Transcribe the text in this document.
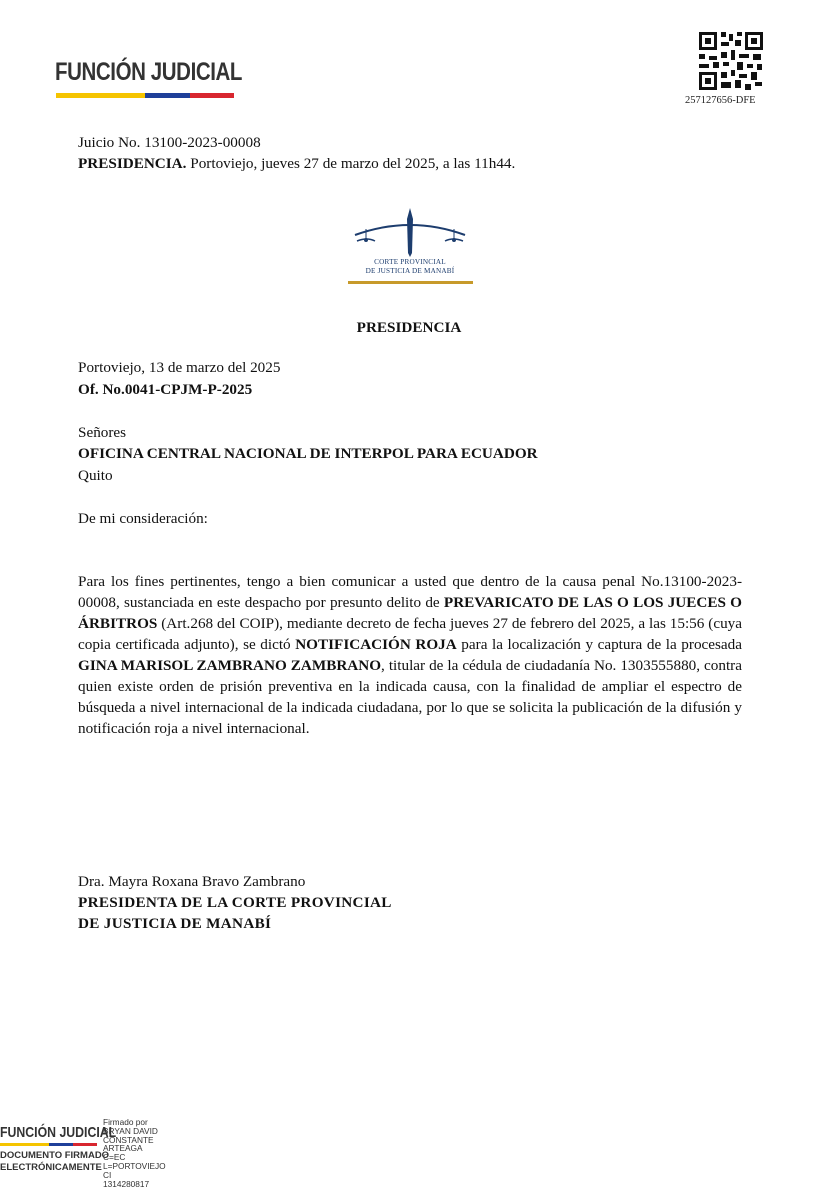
FUNCIÓN JUDICIAL
257127656-DFE
Juicio No. 13100-2023-00008
PRESIDENCIA. Portoviejo, jueves 27 de marzo del 2025, a las 11h44.
CORTE PROVINCIAL
DE JUSTICIA DE MANABÍ
PRESIDENCIA
Portoviejo, 13 de marzo del 2025
Of. No.0041-CPJM-P-2025
Señores
OFICINA CENTRAL NACIONAL DE INTERPOL PARA ECUADOR
Quito
De mi consideración:
Para los fines pertinentes, tengo a bien comunicar a usted que dentro de la causa penal No.13100-2023-00008, sustanciada en este despacho por presunto delito de PREVARICATO DE LAS O LOS JUECES O ÁRBITROS (Art.268 del COIP), mediante decreto de fecha jueves 27 de febrero del 2025, a las 15:56 (cuya copia certificada adjunto), se dictó NOTIFICACIÓN ROJA para la localización y captura de la procesada GINA MARISOL ZAMBRANO ZAMBRANO, titular de la cédula de ciudadanía No. 1303555880, contra quien existe orden de prisión preventiva en la indicada causa, con la finalidad de ampliar el espectro de búsqueda a nivel internacional de la indicada ciudadana, por lo que se solicita la publicación de la difusión y notificación roja a nivel internacional.
Dra. Mayra Roxana Bravo Zambrano
PRESIDENTA DE LA CORTE PROVINCIAL
DE JUSTICIA DE MANABÍ
FUNCIÓN JUDICIAL
DOCUMENTO FIRMADO
ELECTRÓNICAMENTE
Firmado por
BRYAN DAVID
CONSTANTE
ARTEAGA
C=EC
L=PORTOVIEJO
CI
1314280817
